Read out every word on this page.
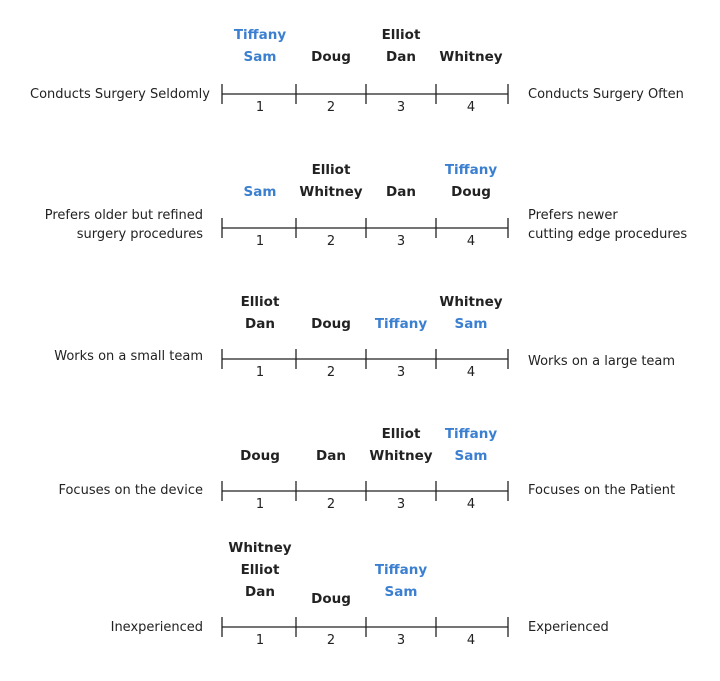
1	2	3	4
Conducts Surgery Seldomly	Conducts Surgery Often
Tiffany
Sam	Doug
Elliot
Dan Whitney
1	2	3	4
Prefers older but refined
surgery procedures
Prefers newer
cutting edge procedures
Sam
Elliot
Whitney Dan
Tiffany
Doug
1	2	3	4
Works on a small team	Works on a large team
Elliot
Dan	Doug Tiffany
Whitney
Sam
1	2	3	4
Focuses on the device	Focuses on the Patient
Doug	Dan
Elliot
Whitney
Tiffany
Sam
1	2	3	4
Inexperienced	Experienced
Whitney
Elliot
Dan	Doug
Tiffany
Sam
